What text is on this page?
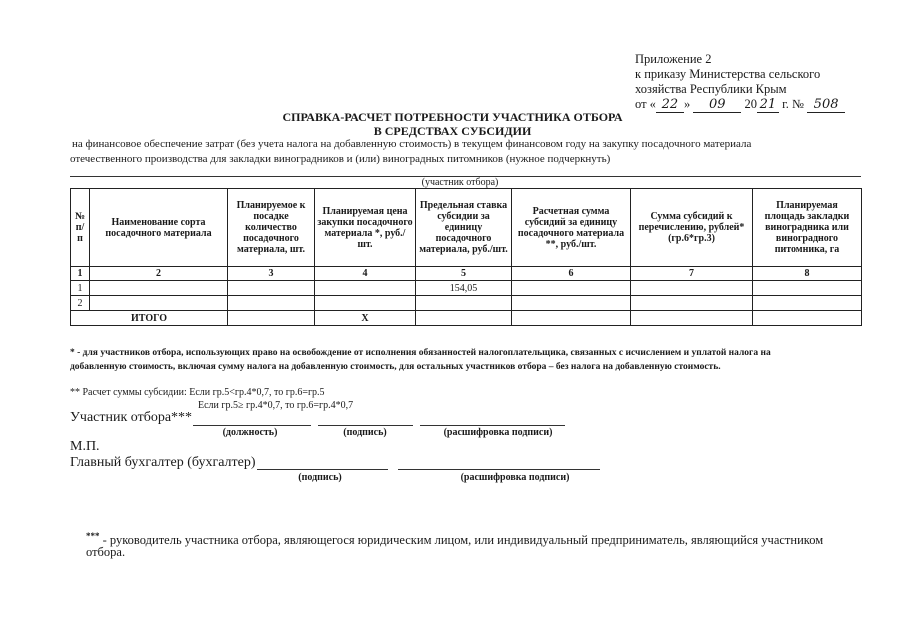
Приложение 2
к приказу Министерства сельского
хозяйства Республики Крым
от « 22 » 09 20 21 г. № 508
СПРАВКА-РАСЧЕТ ПОТРЕБНОСТИ УЧАСТНИКА ОТБОРА
В СРЕДСТВАХ СУБСИДИИ
на финансовое обеспечение затрат (без учета налога на добавленную стоимость) в текущем финансовом году на закупку посадочного материала
отечественного производства для закладки виноградников и (или) виноградных питомников (нужное подчеркнуть)
(участник отбора)
№ п/п	Наименование сорта посадочного материала	Планируемое к посадке количество посадочного материала, шт.	Планируемая цена закупки посадочного материала *, руб./шт.	Предельная ставка субсидии за единицу посадочного материала, руб./шт.	Расчетная сумма субсидий за единицу посадочного материала **, руб./шт.	Сумма субсидий к перечислению, рублей* (гр.6*гр.3)	Планируемая площадь закладки виноградника или виноградного питомника, га
1	2	3	4	5	6	7	8
1				154,05			
2							
ИТОГО			X				
* - для участников отбора, использующих право на освобождение от исполнения обязанностей налогоплательщика, связанных с исчислением и уплатой налога на
добавленную стоимость, включая сумму налога на добавленную стоимость, для остальных участников отбора – без налога на добавленную стоимость.
** Расчет суммы субсидии: Если гр.5<гр.4*0,7, то гр.6=гр.5
Если гр.5≥ гр.4*0,7, то гр.6=гр.4*0,7
Участник отбора***
(должность)	(подпись)	(расшифровка подписи)
М.П.
Главный бухгалтер (бухгалтер)
(подпись)	(расшифровка подписи)
*** - руководитель участника отбора, являющегося юридическим лицом, или индивидуальный предприниматель, являющийся участником
отбора.
